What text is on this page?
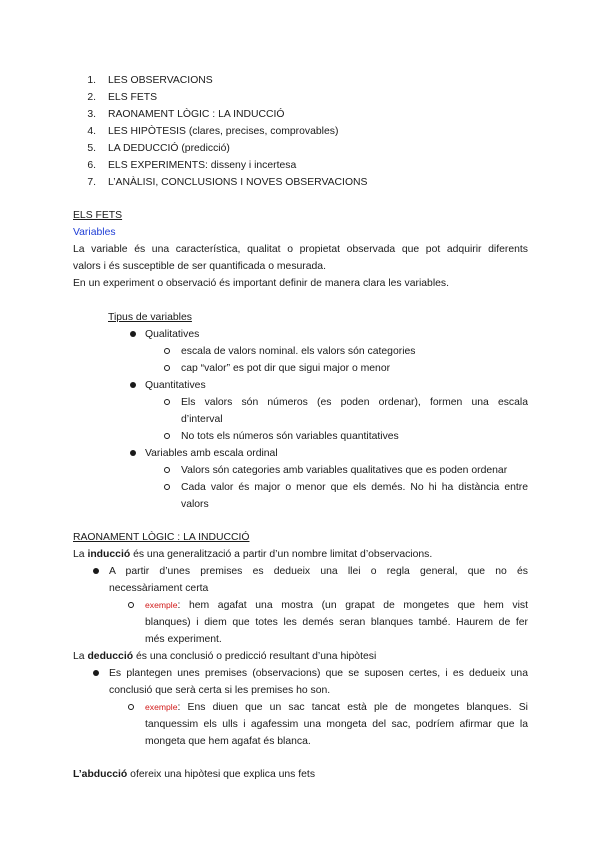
1. LES OBSERVACIONS
2. ELS FETS
3. RAONAMENT LÒGIC : LA INDUCCIÓ
4. LES HIPÒTESIS (clares, precises, comprovables)
5. LA DEDUCCIÓ (predicció)
6. ELS EXPERIMENTS: disseny i incertesa
7. L’ANÀLISI, CONCLUSIONS I NOVES OBSERVACIONS
ELS FETS
Variables
La variable és una característica, qualitat o propietat observada que pot adquirir diferents
valors i és susceptible de ser quantificada o mesurada.
En un experiment o observació és important definir de manera clara les variables.
Tipus de variables
Qualitatives
escala de valors nominal. els valors són categories
cap “valor” es pot dir que sigui major o menor
Quantitatives
Els valors són números (es poden ordenar), formen una escala
d’interval
No tots els números són variables quantitatives
Variables amb escala ordinal
Valors són categories amb variables qualitatives que es poden ordenar
Cada valor és major o menor que els demés. No hi ha distància entre
valors
RAONAMENT LÒGIC : LA INDUCCIÓ
La inducció és una generalització a partir d’un nombre limitat d’observacions.
A partir d’unes premises es dedueix una llei o regla general, que no és
necessàriament certa
exemple: hem agafat una mostra (un grapat de mongetes que hem vist
blanques) i diem que totes les demés seran blanques també. Haurem de fer
més experiment.
La deducció és una conclusió o predicció resultant d’una hipòtesi
Es plantegen unes premises (observacions) que se suposen certes, i es dedueix una
conclusió que serà certa si les premises ho son.
exemple: Ens diuen que un sac tancat està ple de mongetes blanques. Si
tanquessim els ulls i agafessim una mongeta del sac, podríem afirmar que la
mongeta que hem agafat és blanca.
L’abducció ofereix una hipòtesi que explica uns fets
